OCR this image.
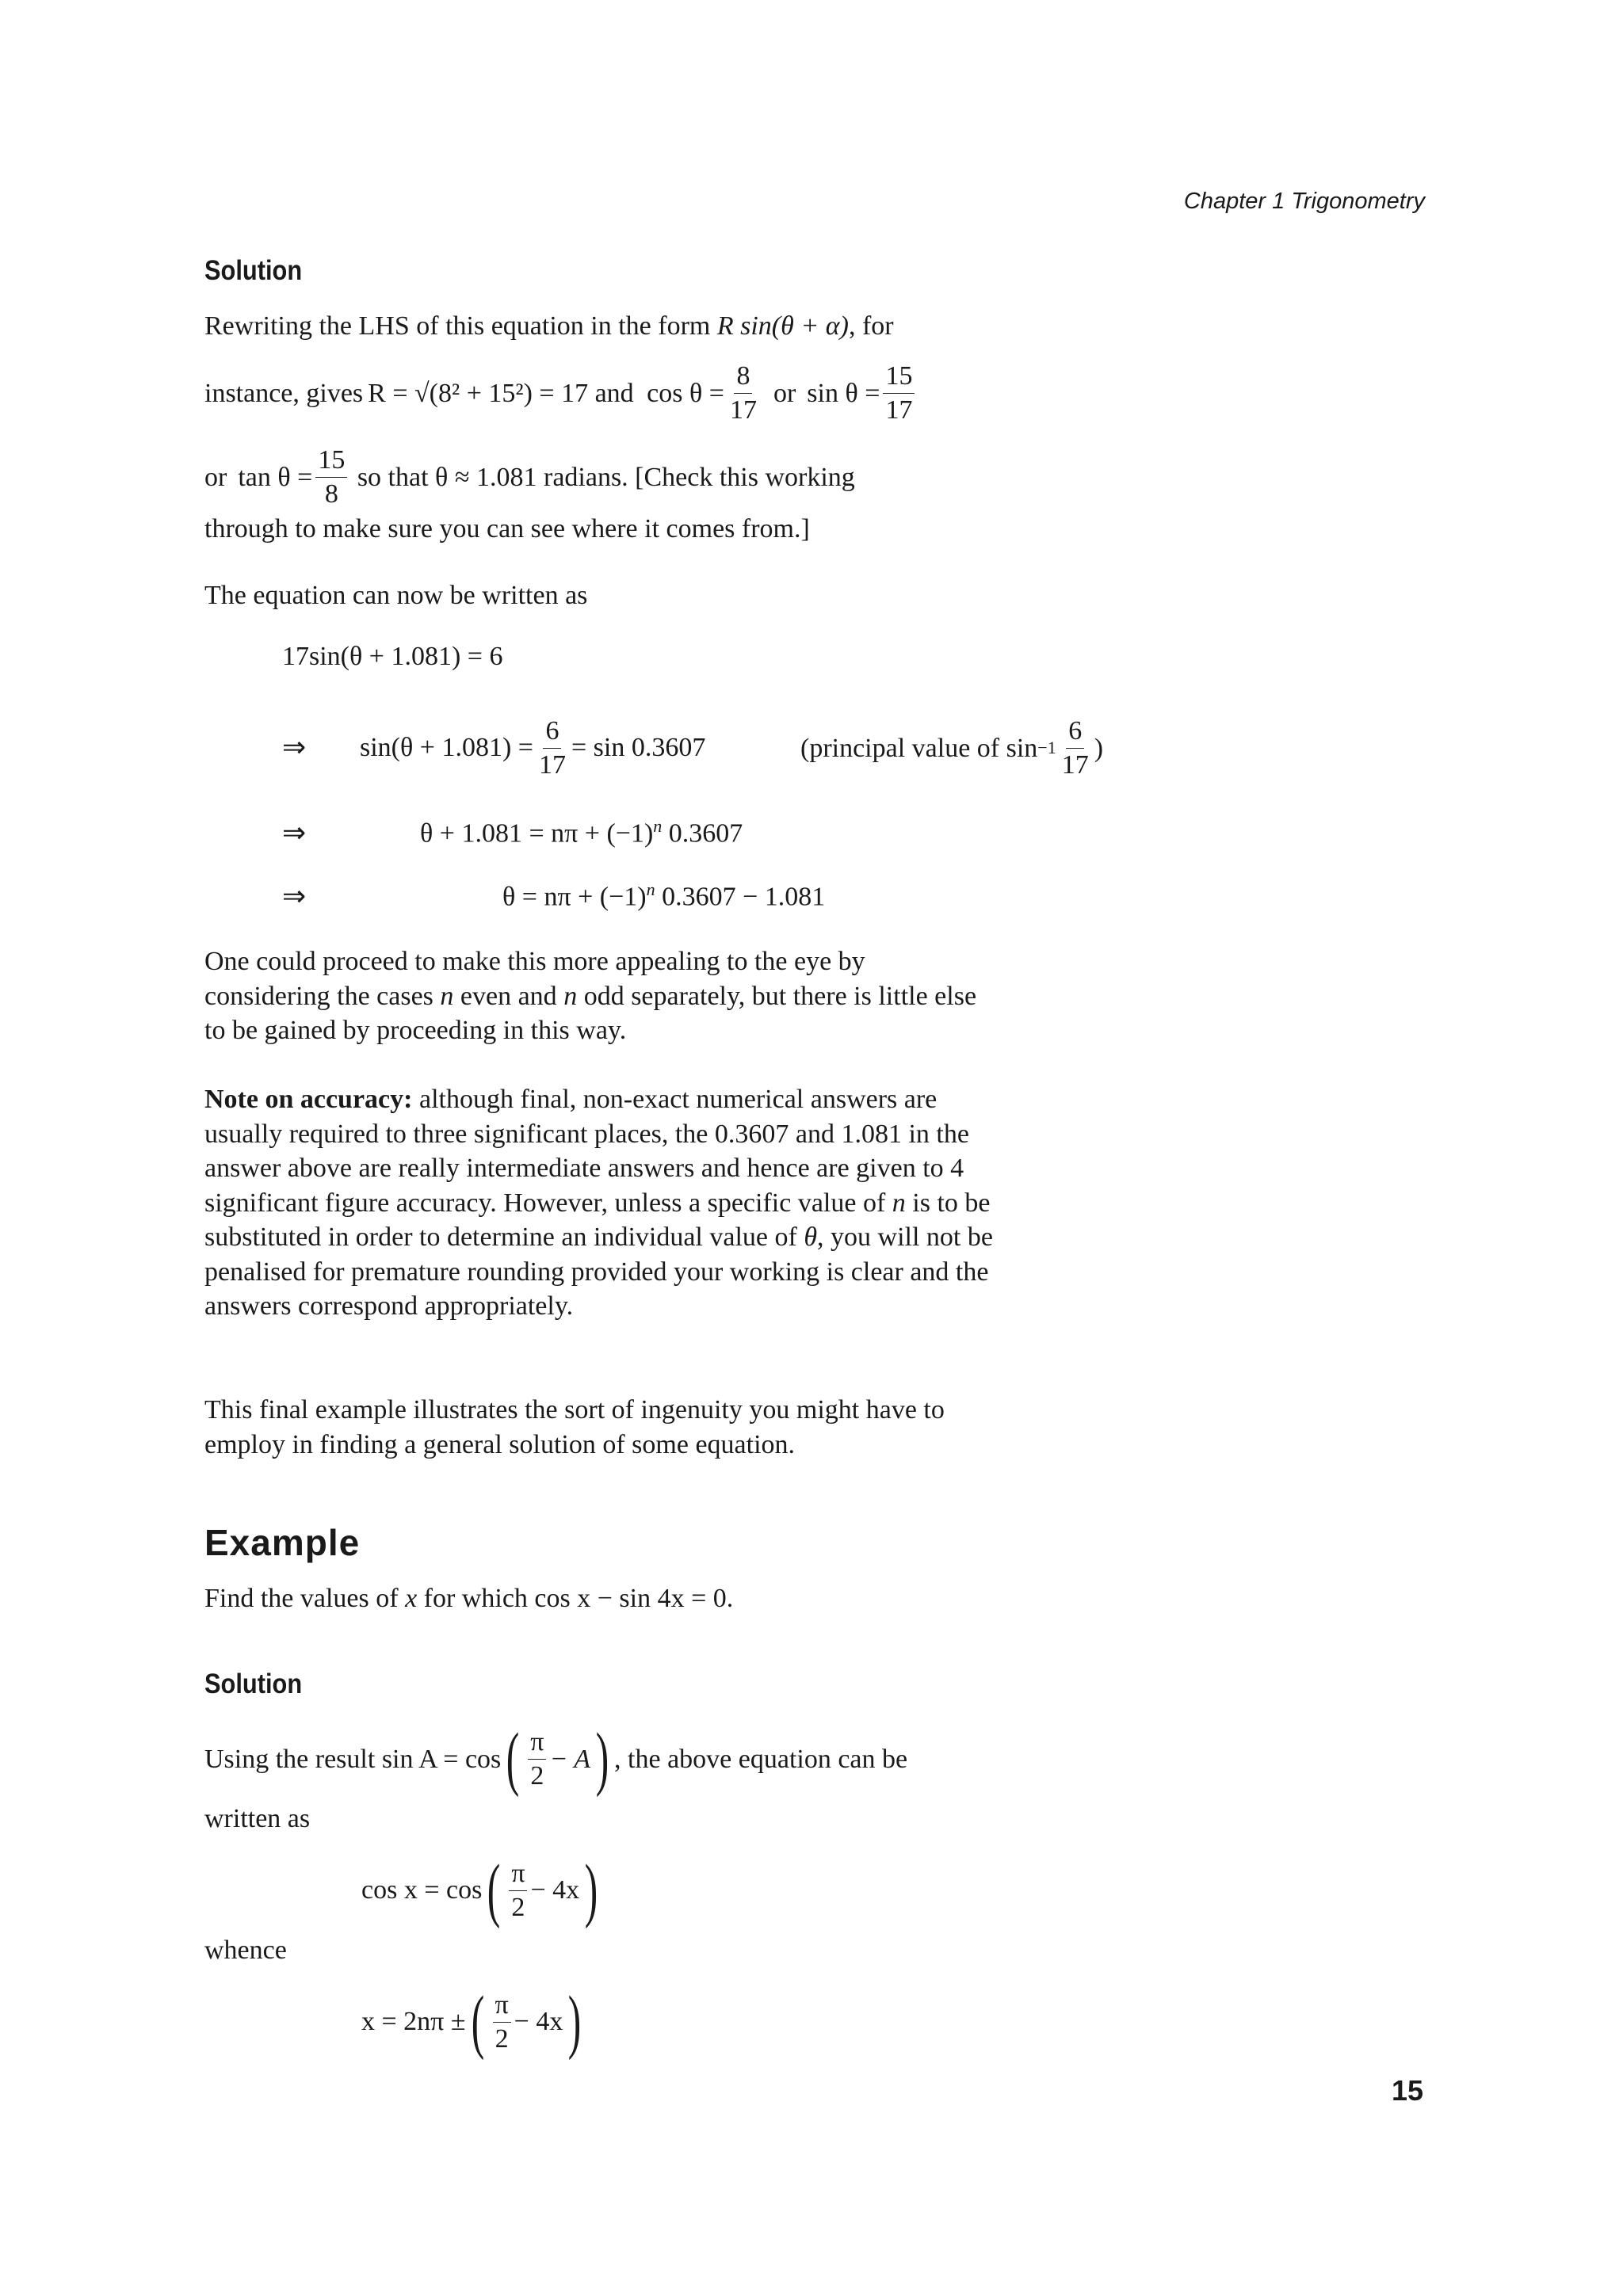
Chapter 1 Trigonometry
Solution
Rewriting the LHS of this equation in the form R sin(θ + α), for
instance, gives R = √(8² + 15²) = 17 and $\cos \theta = \frac{8}{17}$ or $\sin \theta = \frac{15}{17}$
or $\tan \theta = \frac{15}{8}$ so that θ ≈ 1.081 radians. [Check this working
through to make sure you can see where it comes from.]
The equation can now be written as
17sin(θ + 1.081) = 6
⇒ $\sin(\theta + 1.081) = \frac{6}{17} = \sin 0.3607$	(principal value of $\sin -1 \frac{6}{17}$ )
⇒	$\theta + 1.081 = n\pi + (-1)^n$ 0.3607
⇒	$\theta = n\pi + (-1)^n$ 0.3607 − 1.081

One could proceed to make this more appealing to the eye by considering the cases n even and n odd separately, but there is little else to be gained by proceeding in this way.

Note on accuracy: although final, non-exact numerical answers are usually required to three significant places, the 0.3607 and 1.081 in the answer above are really intermediate answers and hence are given to 4 significant figure accuracy. However, unless a specific value of n is to be substituted in order to determine an individual value of θ, you will not be penalised for premature rounding provided your working is clear and the answers correspond appropriately.

This final example illustrates the sort of ingenuity you might have to employ in finding a general solution of some equation.

Example
Find the values of x for which cos x − sin 4x = 0.
Solution
Using the result sin A = cos ( $\frac{\pi}{2} - A$ ) , the above equation can be
written as
cos x = cos ( $\frac{\pi}{2} - 4x$ )
whence
x = 2nπ ± ( $\frac{\pi}{2} - 4x$ )
15
